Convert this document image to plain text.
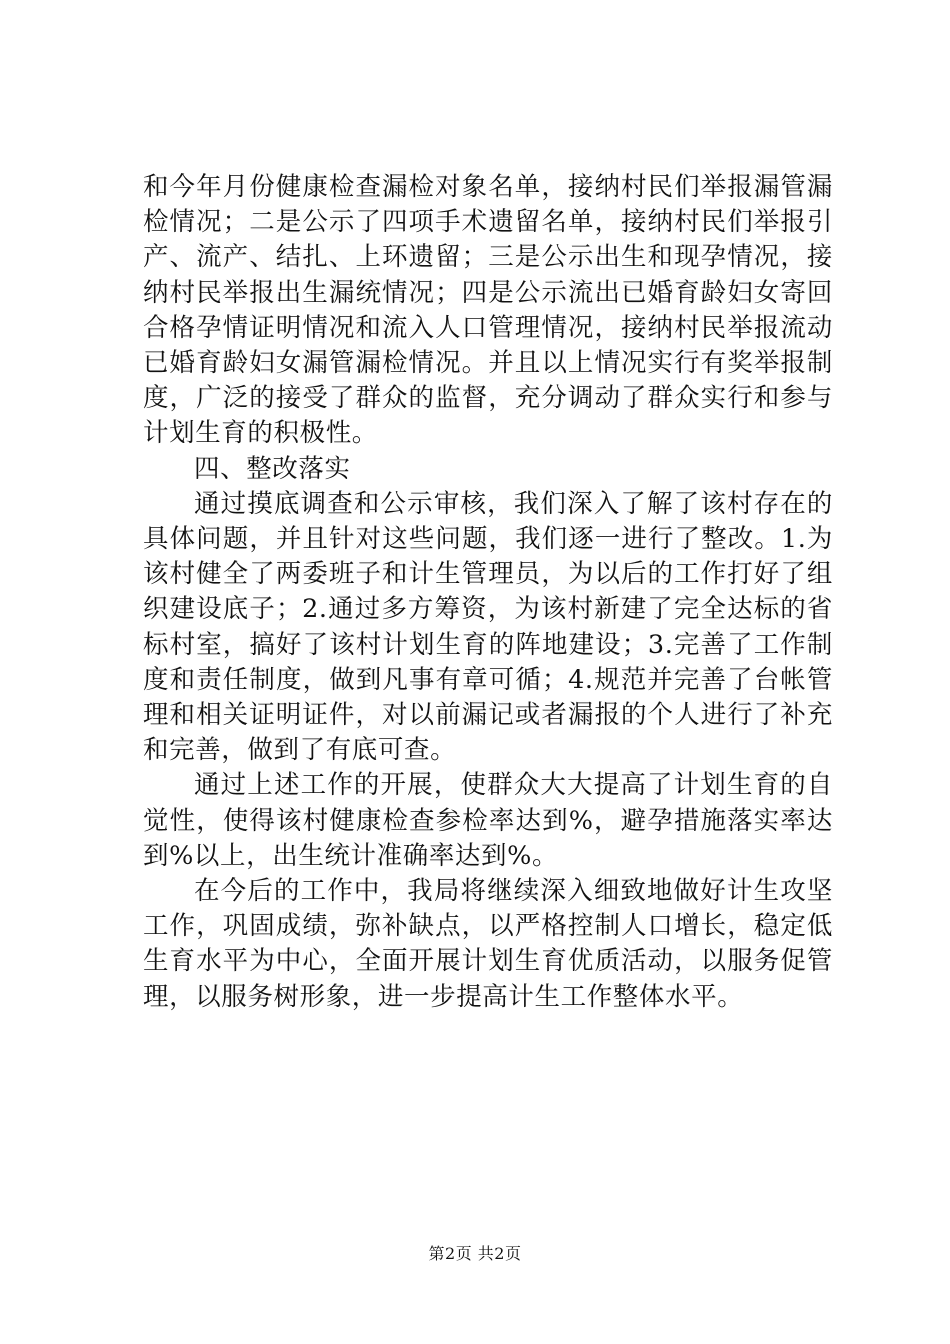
和今年月份健康检查漏检对象名单，接纳村民们举报漏管漏检情况；二是公示了四项手术遗留名单，接纳村民们举报引产、流产、结扎、上环遗留；三是公示出生和现孕情况，接纳村民举报出生漏统情况；四是公示流出已婚育龄妇女寄回合格孕情证明情况和流入人口管理情况，接纳村民举报流动已婚育龄妇女漏管漏检情况。并且以上情况实行有奖举报制度，广泛的接受了群众的监督，充分调动了群众实行和参与计划生育的积极性。

四、整改落实

通过摸底调查和公示审核，我们深入了解了该村存在的具体问题，并且针对这些问题，我们逐一进行了整改。1.为该村健全了两委班子和计生管理员，为以后的工作打好了组织建设底子；2.通过多方筹资，为该村新建了完全达标的省标村室，搞好了该村计划生育的阵地建设；3.完善了工作制度和责任制度，做到凡事有章可循；4.规范并完善了台帐管理和相关证明证件，对以前漏记或者漏报的个人进行了补充和完善，做到了有底可查。

通过上述工作的开展，使群众大大提高了计划生育的自觉性，使得该村健康检查参检率达到%，避孕措施落实率达到%以上，出生统计准确率达到%。

在今后的工作中，我局将继续深入细致地做好计生攻坚工作，巩固成绩，弥补缺点，以严格控制人口增长，稳定低生育水平为中心，全面开展计划生育优质活动，以服务促管理，以服务树形象，进一步提高计生工作整体水平。

第2页 共2页
